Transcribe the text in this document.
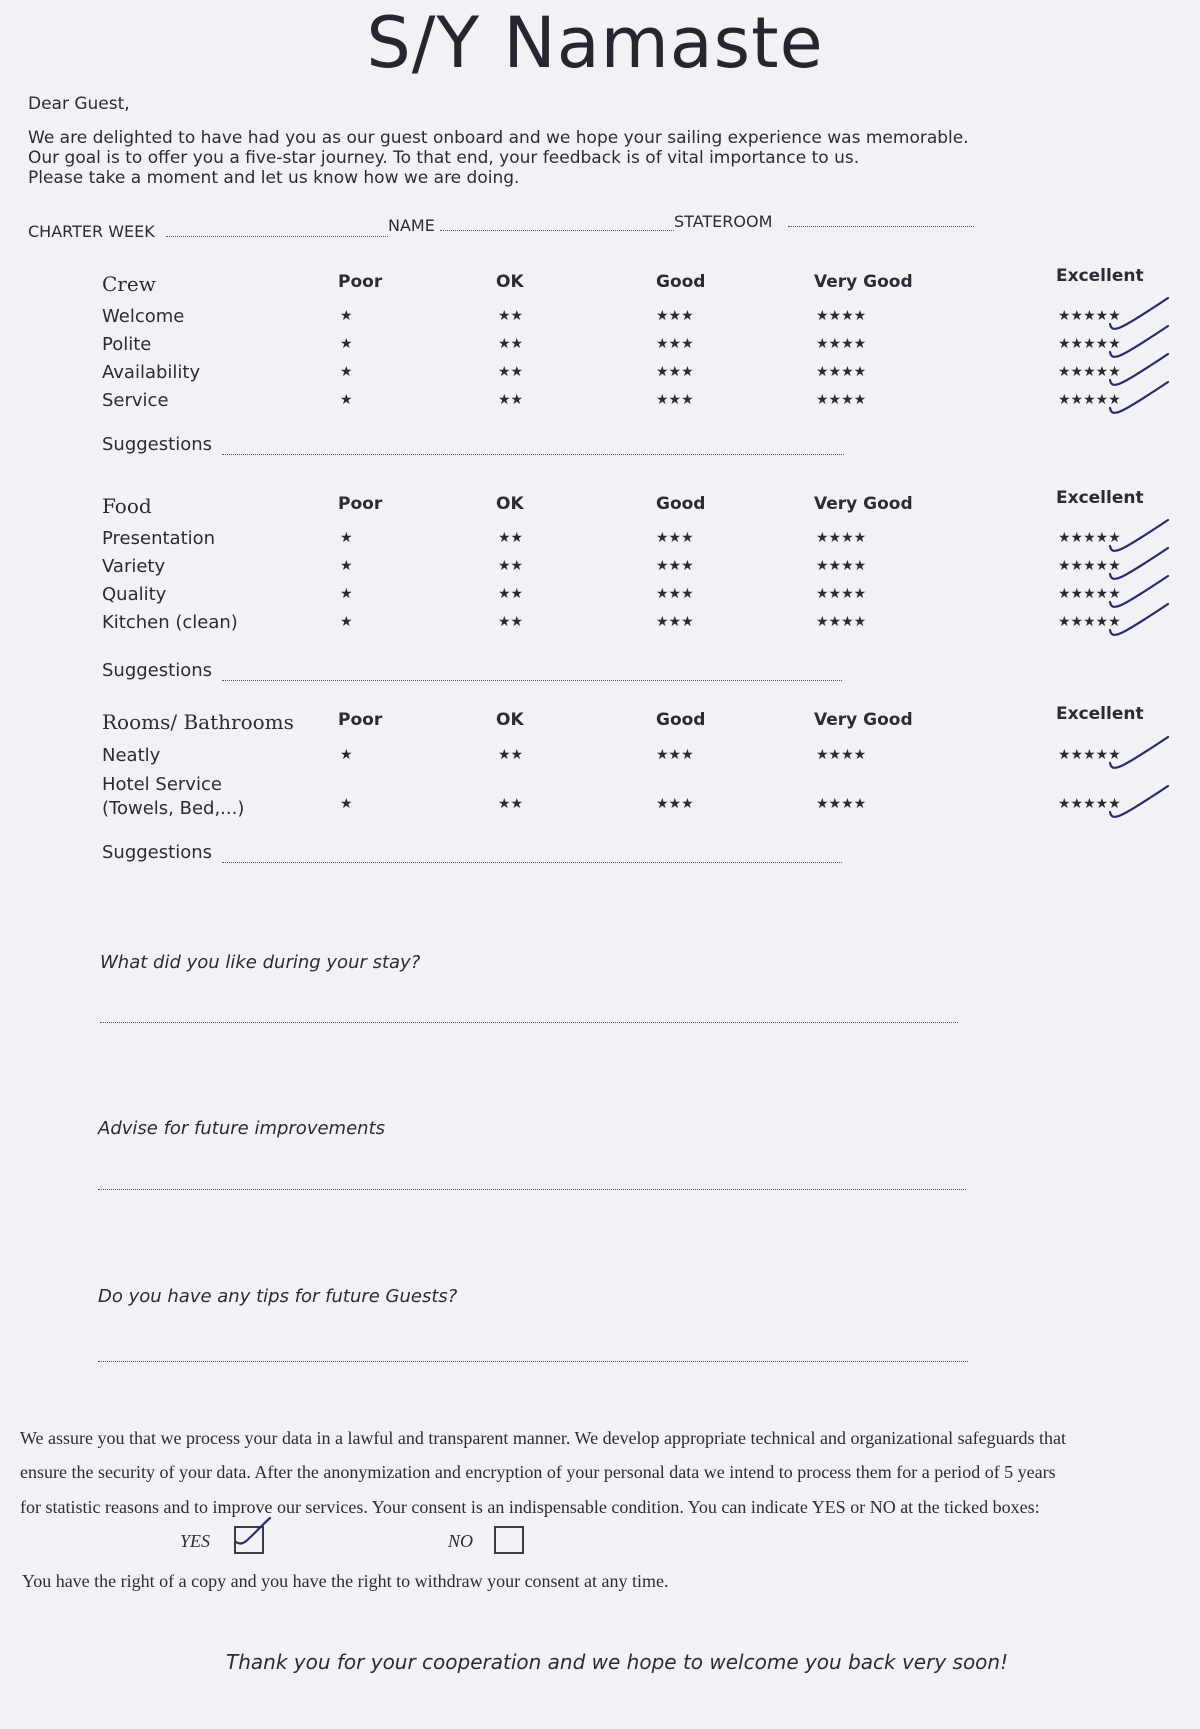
S/Y Namaste
Dear Guest,
We are delighted to have had you as our guest onboard and we hope your sailing experience was memorable.
Our goal is to offer you a five-star journey. To that end, your feedback is of vital importance to us.
Please take a moment and let us know how we are doing.
CHARTER WEEK	NAME	STATEROOM
Crew	Poor	OK	Good	Very Good	Excellent
Welcome	★	★★	★★★	★★★★	★★★★★
Polite	★	★★	★★★	★★★★	★★★★★
Availability	★	★★	★★★	★★★★	★★★★★
Service	★	★★	★★★	★★★★	★★★★★
Suggestions
Food	Poor	OK	Good	Very Good	Excellent
Presentation	★	★★	★★★	★★★★	★★★★★
Variety	★	★★	★★★	★★★★	★★★★★
Quality	★	★★	★★★	★★★★	★★★★★
Kitchen (clean)	★	★★	★★★	★★★★	★★★★★
Suggestions
Rooms/ Bathrooms	Poor	OK	Good	Very Good	Excellent
Neatly	★	★★	★★★	★★★★	★★★★★
Hotel Service
(Towels, Bed,...)	★	★★	★★★	★★★★	★★★★★
Suggestions
What did you like during your stay?
Advise for future improvements
Do you have any tips for future Guests?
We assure you that we process your data in a lawful and transparent manner. We develop appropriate technical and organizational safeguards that
ensure the security of your data. After the anonymization and encryption of your personal data we intend to process them for a period of 5 years
for statistic reasons and to improve our services. Your consent is an indispensable condition. You can indicate YES or NO at the ticked boxes:
YES	NO
You have the right of a copy and you have the right to withdraw your consent at any time.
Thank you for your cooperation and we hope to welcome you back very soon!
